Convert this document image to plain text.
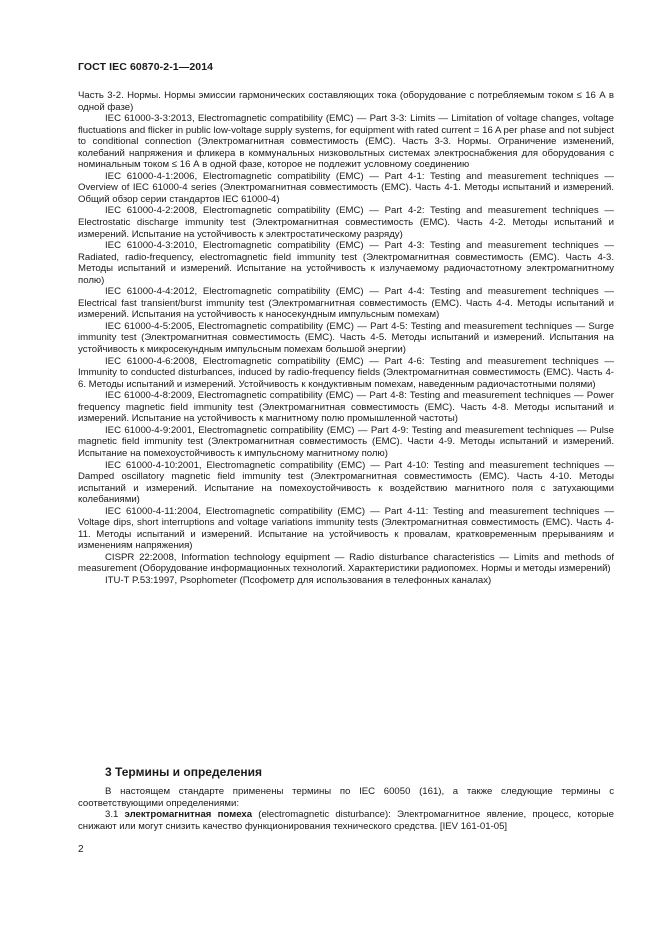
ГОСТ IEC 60870-2-1—2014

Часть 3-2. Нормы. Нормы эмиссии гармонических составляющих тока (оборудование с потребляемым током ≤ 16 А в одной фазе)

IEC 61000-3-3:2013, Electromagnetic compatibility (EMC) — Part 3-3: Limits — Limitation of voltage changes, voltage fluctuations and flicker in public low-voltage supply systems, for equipment with rated current = 16 A per phase and not subject to conditional connection (Электромагнитная совместимость (ЕМС). Часть 3-3. Нормы. Ограничение изменений, колебаний напряжения и фликера в коммунальных низковольтных системах электроснабжения для оборудования с номинальным током ≤ 16 А в одной фазе, которое не подлежит условному соединению

IEC 61000-4-1:2006, Electromagnetic compatibility (EMC) — Part 4-1: Testing and measurement techniques — Overview of IEC 61000-4 series (Электромагнитная совместимость (ЕМС). Часть 4-1. Методы испытаний и измерений. Общий обзор серии стандартов IEC 61000-4)

IEC 61000-4-2:2008, Electromagnetic compatibility (EMC) — Part 4-2: Testing and measurement techniques — Electrostatic discharge immunity test (Электромагнитная совместимость (ЕМС). Часть 4-2. Методы испытаний и измерений. Испытание на устойчивость к электростатическому разряду)

IEC 61000-4-3:2010, Electromagnetic compatibility (EMC) — Part 4-3: Testing and measurement techniques — Radiated, radio-frequency, electromagnetic field immunity test (Электромагнитная совместимость (ЕМС). Часть 4-3. Методы испытаний и измерений. Испытание на устойчивость к излучаемому радиочастотному электромагнитному полю)

IEC 61000-4-4:2012, Electromagnetic compatibility (EMC) — Part 4-4: Testing and measurement techniques — Electrical fast transient/burst immunity test (Электромагнитная совместимость (ЕМС). Часть 4-4. Методы испытаний и измерений. Испытания на устойчивость к наносекундным импульсным помехам)

IEC 61000-4-5:2005, Electromagnetic compatibility (EMC) — Part 4-5: Testing and measurement techniques — Surge immunity test (Электромагнитная совместимость (ЕМС). Часть 4-5. Методы испытаний и измерений. Испытания на устойчивость к микросекундным импульсным помехам большой энергии)

IEC 61000-4-6:2008, Electromagnetic compatibility (EMC) — Part 4-6: Testing and measurement techniques — Immunity to conducted disturbances, induced by radio-frequency fields (Электромагнитная совместимость (ЕМС). Часть 4-6. Методы испытаний и измерений. Устойчивость к кондуктивным помехам, наведенным радиочастотными полями)

IEC 61000-4-8:2009, Electromagnetic compatibility (EMC) — Part 4-8: Testing and measurement techniques — Power frequency magnetic field immunity test (Электромагнитная совместимость (ЕМС). Часть 4-8. Методы испытаний и измерений. Испытание на устойчивость к магнитному полю промышленной частоты)

IEC 61000-4-9:2001, Electromagnetic compatibility (EMC) — Part 4-9: Testing and measurement techniques — Pulse magnetic field immunity test (Электромагнитная совместимость (ЕМС). Части 4-9. Методы испытаний и измерений. Испытание на помехоустойчивость к импульсному магнитному полю)

IEC 61000-4-10:2001, Electromagnetic compatibility (EMC) — Part 4-10: Testing and measurement techniques — Damped oscillatory magnetic field immunity test (Электромагнитная совместимость (ЕМС). Часть 4-10. Методы испытаний и измерений. Испытание на помехоустойчивость к воздействию магнитного поля с затухающими колебаниями)

IEC 61000-4-11:2004, Electromagnetic compatibility (EMC) — Part 4-11: Testing and measurement techniques — Voltage dips, short interruptions and voltage variations immunity tests (Электромагнитная совместимость (ЕМС). Часть 4-11. Методы испытаний и измерений. Испытание на устойчивость к провалам, кратковременным прерываниям и изменениям напряжения)

CISPR 22:2008, Information technology equipment — Radio disturbance characteristics — Limits and methods of measurement (Оборудование информационных технологий. Характеристики радиопомех. Нормы и методы измерений)

ITU-T P.53:1997, Psophometer (Псофометр для использования в телефонных каналах)

3 Термины и определения

В настоящем стандарте применены термины по IEC 60050 (161), а также следующие термины с соответствующими определениями:

3.1 электромагнитная помеха (electromagnetic disturbance): Электромагнитное явление, процесс, которые снижают или могут снизить качество функционирования технического средства. [IEV 161-01-05]

2
